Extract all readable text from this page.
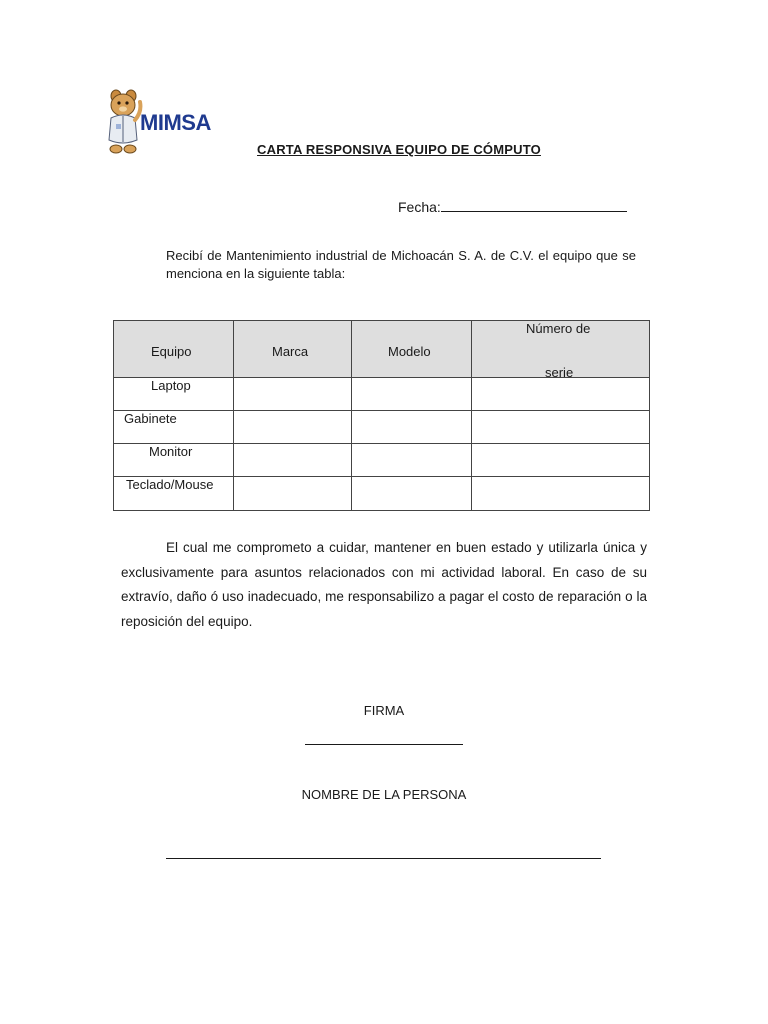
MIMSA
CARTA RESPONSIVA EQUIPO DE CÓMPUTO
Fecha:
Recibí de Mantenimiento industrial de Michoacán S. A. de C.V. el equipo que se menciona en la siguiente tabla:
Equipo	Marca	Modelo
Número de
serie
Laptop
Gabinete
Monitor
Teclado/Mouse
El cual me comprometo a cuidar, mantener en buen estado y utilizarla única y exclusivamente para asuntos relacionados con mi actividad laboral. En caso de su extravío, daño ó uso inadecuado, me responsabilizo a pagar el costo de reparación o la reposición del equipo.
FIRMA
NOMBRE DE LA PERSONA
